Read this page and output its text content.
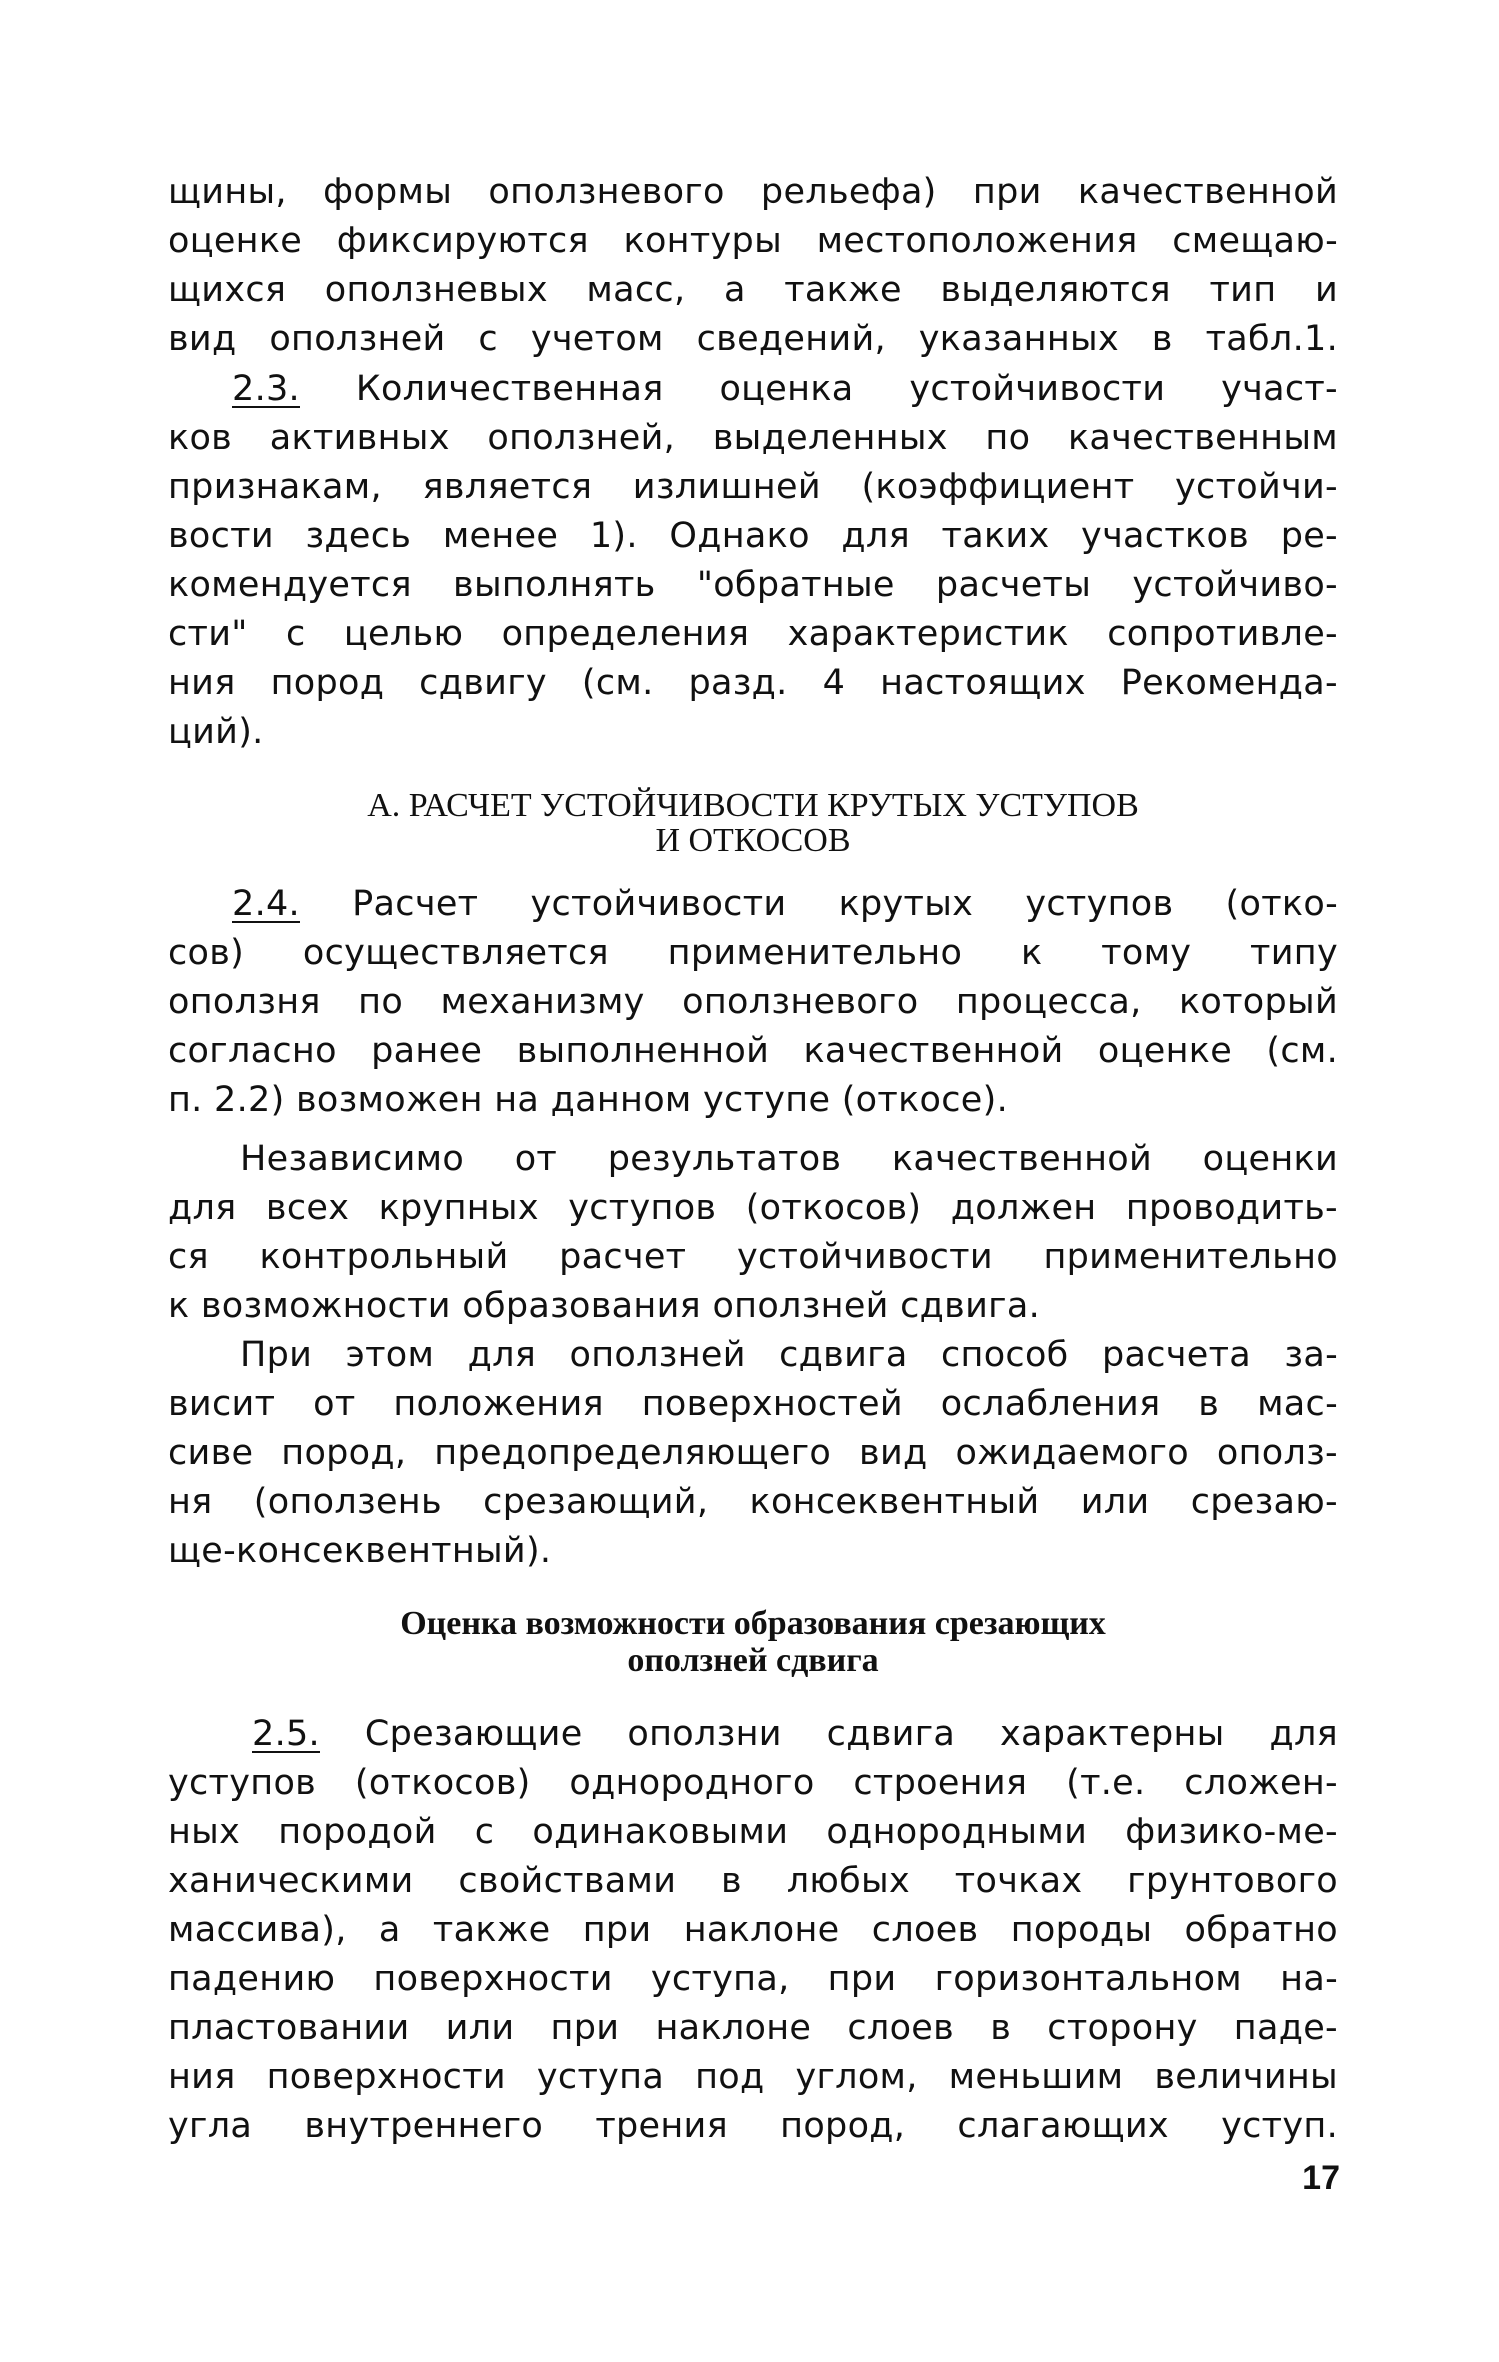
щины, формы оползневого рельефа) при качественной
оценке фиксируются контуры местоположения смещаю-
щихся оползневых масс, а также выделяются тип и
вид оползней с учетом сведений, указанных в табл.1.
2.3. Количественная оценка устойчивости участ-
ков активных оползней, выделенных по качественным
признакам, является излишней (коэффициент устойчи-
вости здесь менее 1). Однако для таких участков ре-
комендуется выполнять "обратные расчеты устойчиво-
сти" с целью определения характеристик сопротивле-
ния пород сдвигу (см. разд. 4 настоящих Рекоменда-
ций).
А. РАСЧЕТ УСТОЙЧИВОСТИ КРУТЫХ УСТУПОВ
И ОТКОСОВ
2.4. Расчет устойчивости крутых уступов (отко-
сов) осуществляется применительно к тому типу
оползня по механизму оползневого процесса, который
согласно ранее выполненной качественной оценке (см.
п. 2.2) возможен на данном уступе (откосе).
Независимо от результатов качественной оценки
для всех крупных уступов (откосов) должен проводить-
ся контрольный расчет устойчивости применительно
к возможности образования оползней сдвига.
При этом для оползней сдвига способ расчета за-
висит от положения поверхностей ослабления в мас-
сиве пород, предопределяющего вид ожидаемого ополз-
ня (оползень срезающий, консеквентный или срезаю-
ще-консеквентный).
Оценка возможности образования срезающих
оползней сдвига
2.5. Срезающие оползни сдвига характерны для
уступов (откосов) однородного строения (т.е. сложен-
ных породой с одинаковыми однородными физико-ме-
ханическими свойствами в любых точках грунтового
массива), а также при наклоне слоев породы обратно
падению поверхности уступа, при горизонтальном на-
пластовании или при наклоне слоев в сторону паде-
ния поверхности уступа под углом, меньшим величины
угла внутреннего трения пород, слагающих уступ.
17
